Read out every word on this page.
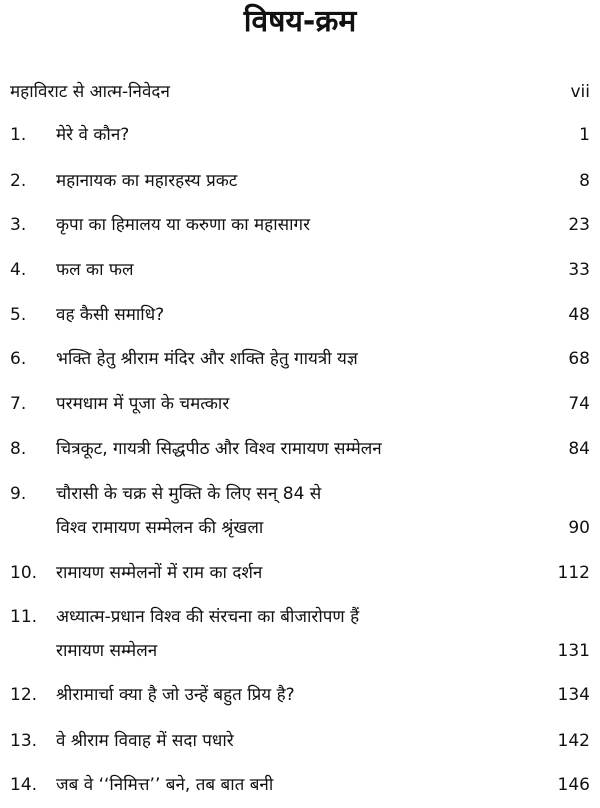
विषय-क्रम
महाविराट से आत्म-निवेदन	vii
1. मेरे वे कौन?	1
2. महानायक का महारहस्य प्रकट	8
3. कृपा का हिमालय या करुणा का महासागर	23
4. फल का फल	33
5. वह कैसी समाधि?	48
6. भक्ति हेतु श्रीराम मंदिर और शक्ति हेतु गायत्री यज्ञ	68
7. परमधाम में पूजा के चमत्कार	74
8. चित्रकूट, गायत्री सिद्धपीठ और विश्व रामायण सम्मेलन	84
9. चौरासी के चक्र से मुक्ति के लिए सन् 84 से
विश्व रामायण सम्मेलन की श्रृंखला	90
10. रामायण सम्मेलनों में राम का दर्शन	112
11. अध्यात्म-प्रधान विश्व की संरचना का बीजारोपण हैं
रामायण सम्मेलन	131
12. श्रीरामार्चा क्या है जो उन्हें बहुत प्रिय है?	134
13. वे श्रीराम विवाह में सदा पधारे	142
14. जब वे ‘‘निमित्त’’ बने, तब बात बनी	146
